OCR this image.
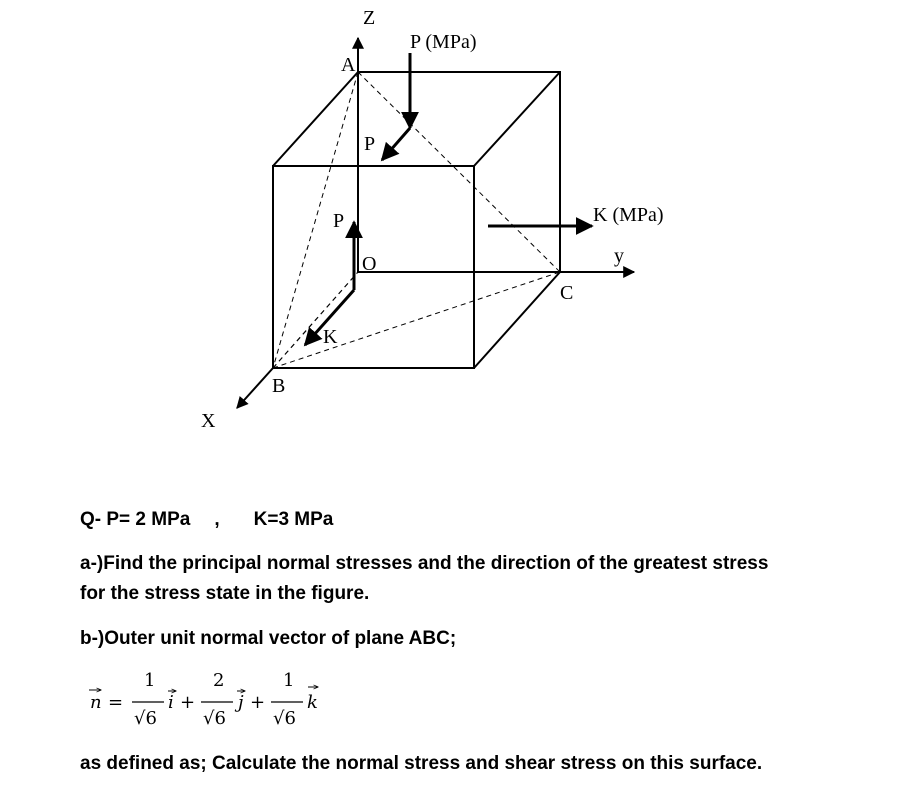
Z
P (MPa)
A
P
K (MPa)
P
y
O
C
K
B
X
Q- P= 2 MPa , K=3 MPa
a-)Find the principal normal stresses and the direction of the greatest stress
for the stress state in the figure.
b-)Outer unit normal vector of plane ABC;
n =
1
√6
i +
2
√6
j +
1
√6
k
as defined as; Calculate the normal stress and shear stress on this surface.
